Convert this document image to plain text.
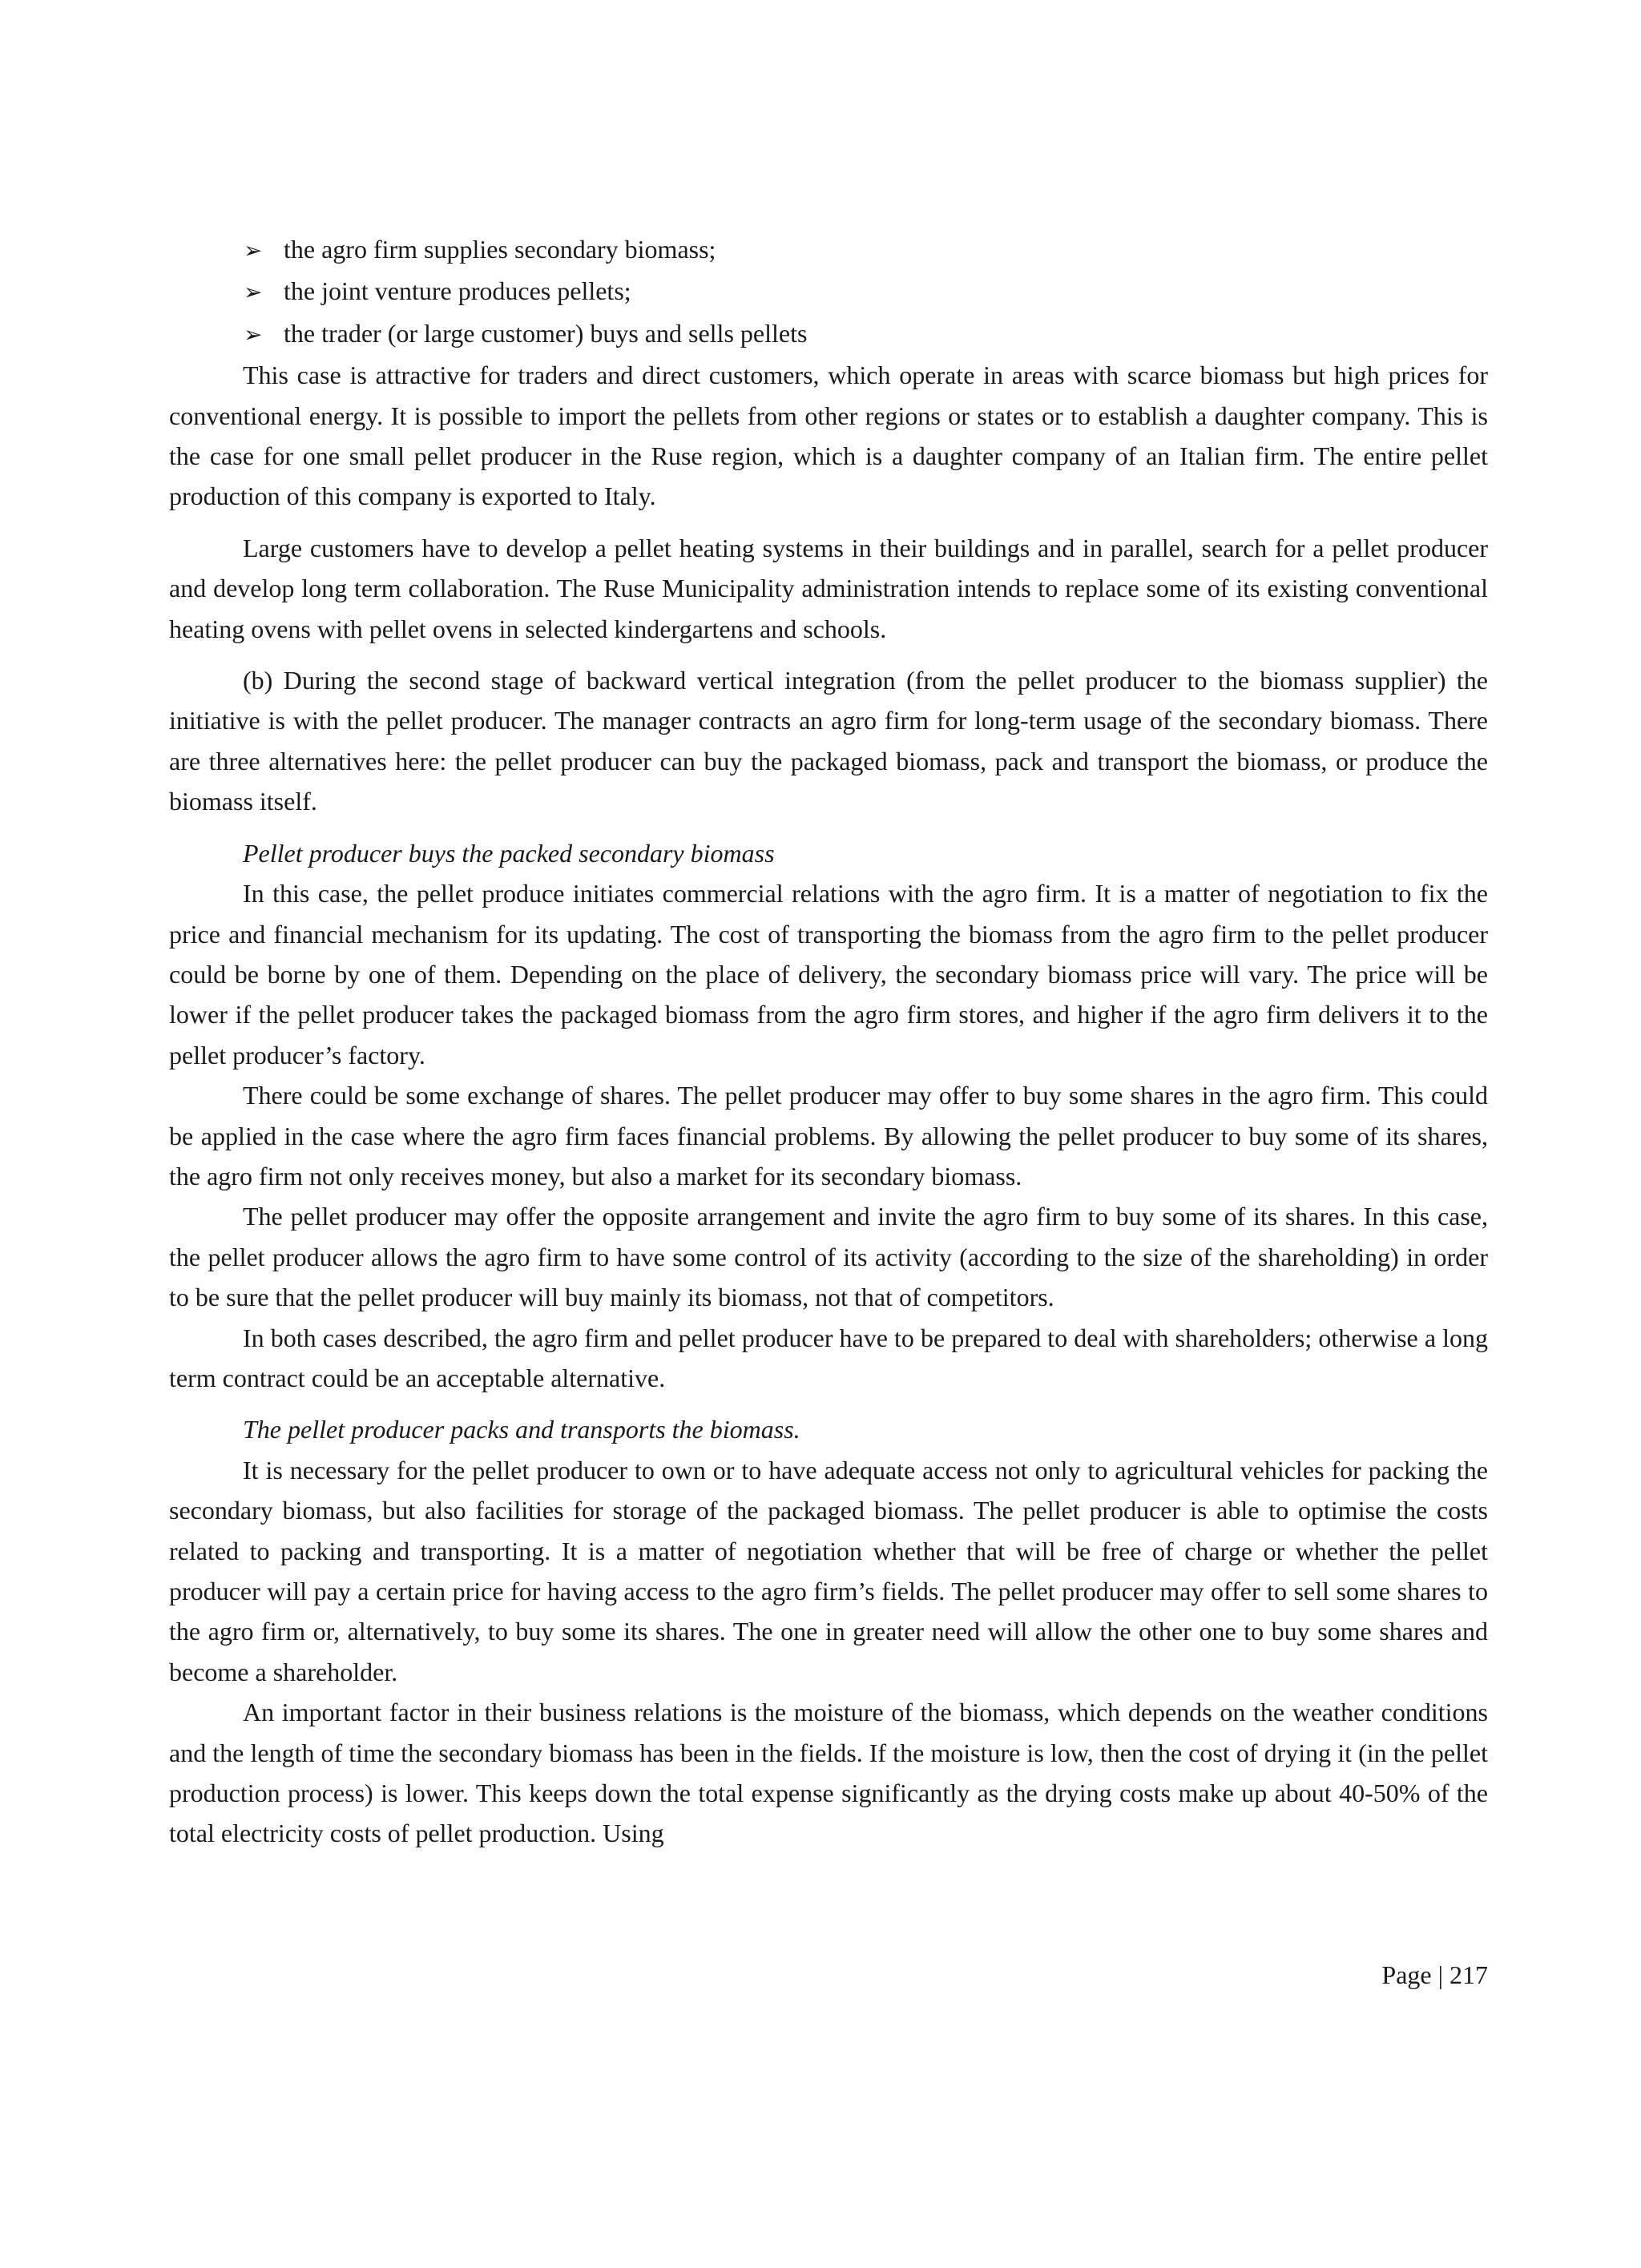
➢ the agro firm supplies secondary biomass;
➢ the joint venture produces pellets;
➢ the trader (or large customer) buys and sells pellets

This case is attractive for traders and direct customers, which operate in areas with scarce biomass but high prices for conventional energy. It is possible to import the pellets from other regions or states or to establish a daughter company. This is the case for one small pellet producer in the Ruse region, which is a daughter company of an Italian firm. The entire pellet production of this company is exported to Italy.

Large customers have to develop a pellet heating systems in their buildings and in parallel, search for a pellet producer and develop long term collaboration. The Ruse Municipality administration intends to replace some of its existing conventional heating ovens with pellet ovens in selected kindergartens and schools.

(b) During the second stage of backward vertical integration (from the pellet producer to the biomass supplier) the initiative is with the pellet producer. The manager contracts an agro firm for long-term usage of the secondary biomass. There are three alternatives here: the pellet producer can buy the packaged biomass, pack and transport the biomass, or produce the biomass itself.

Pellet producer buys the packed secondary biomass

In this case, the pellet produce initiates commercial relations with the agro firm. It is a matter of negotiation to fix the price and financial mechanism for its updating. The cost of transporting the biomass from the agro firm to the pellet producer could be borne by one of them. Depending on the place of delivery, the secondary biomass price will vary. The price will be lower if the pellet producer takes the packaged biomass from the agro firm stores, and higher if the agro firm delivers it to the pellet producer’s factory.

There could be some exchange of shares. The pellet producer may offer to buy some shares in the agro firm. This could be applied in the case where the agro firm faces financial problems. By allowing the pellet producer to buy some of its shares, the agro firm not only receives money, but also a market for its secondary biomass.

The pellet producer may offer the opposite arrangement and invite the agro firm to buy some of its shares. In this case, the pellet producer allows the agro firm to have some control of its activity (according to the size of the shareholding) in order to be sure that the pellet producer will buy mainly its biomass, not that of competitors.

In both cases described, the agro firm and pellet producer have to be prepared to deal with shareholders; otherwise a long term contract could be an acceptable alternative.

The pellet producer packs and transports the biomass.

It is necessary for the pellet producer to own or to have adequate access not only to agricultural vehicles for packing the secondary biomass, but also facilities for storage of the packaged biomass. The pellet producer is able to optimise the costs related to packing and transporting. It is a matter of negotiation whether that will be free of charge or whether the pellet producer will pay a certain price for having access to the agro firm’s fields. The pellet producer may offer to sell some shares to the agro firm or, alternatively, to buy some its shares. The one in greater need will allow the other one to buy some shares and become a shareholder.

An important factor in their business relations is the moisture of the biomass, which depends on the weather conditions and the length of time the secondary biomass has been in the fields. If the moisture is low, then the cost of drying it (in the pellet production process) is lower. This keeps down the total expense significantly as the drying costs make up about 40-50% of the total electricity costs of pellet production. Using

Page | 217
